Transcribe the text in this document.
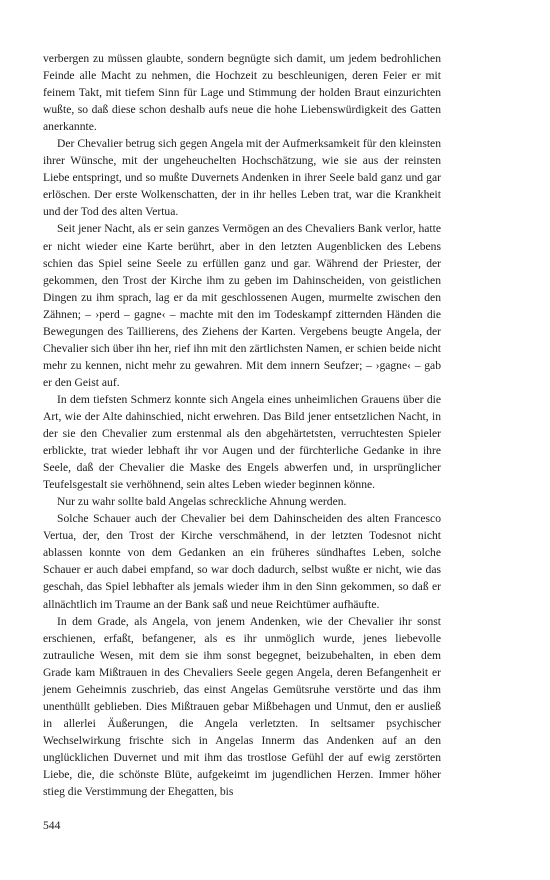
verbergen zu müssen glaubte, sondern begnügte sich damit, um jedem bedrohlichen Feinde alle Macht zu nehmen, die Hochzeit zu beschleunigen, deren Feier er mit feinem Takt, mit tiefem Sinn für Lage und Stimmung der holden Braut einzurichten wußte, so daß diese schon deshalb aufs neue die hohe Liebenswürdigkeit des Gatten anerkannte.

Der Chevalier betrug sich gegen Angela mit der Aufmerksamkeit für den kleinsten ihrer Wünsche, mit der ungeheuchelten Hochschätzung, wie sie aus der reinsten Liebe entspringt, und so mußte Duvernets Andenken in ihrer Seele bald ganz und gar erlöschen. Der erste Wolkenschatten, der in ihr helles Leben trat, war die Krankheit und der Tod des alten Vertua.

Seit jener Nacht, als er sein ganzes Vermögen an des Chevaliers Bank verlor, hatte er nicht wieder eine Karte berührt, aber in den letzten Augenblicken des Lebens schien das Spiel seine Seele zu erfüllen ganz und gar. Während der Priester, der gekommen, den Trost der Kirche ihm zu geben im Dahinscheiden, von geistlichen Dingen zu ihm sprach, lag er da mit geschlossenen Augen, murmelte zwischen den Zähnen; – ›perd – gagne‹ – machte mit den im Todeskampf zitternden Händen die Bewegungen des Taillierens, des Ziehens der Karten. Vergebens beugte Angela, der Chevalier sich über ihn her, rief ihn mit den zärtlichsten Namen, er schien beide nicht mehr zu kennen, nicht mehr zu gewahren. Mit dem innern Seufzer; – ›gagne‹ – gab er den Geist auf.

In dem tiefsten Schmerz konnte sich Angela eines unheimlichen Grauens über die Art, wie der Alte dahinschied, nicht erwehren. Das Bild jener entsetzlichen Nacht, in der sie den Chevalier zum erstenmal als den abgehärtetsten, verruchtesten Spieler erblickte, trat wieder lebhaft ihr vor Augen und der fürchterliche Gedanke in ihre Seele, daß der Chevalier die Maske des Engels abwerfen und, in ursprünglicher Teufelsgestalt sie verhöhnend, sein altes Leben wieder beginnen könne.

Nur zu wahr sollte bald Angelas schreckliche Ahnung werden.

Solche Schauer auch der Chevalier bei dem Dahinscheiden des alten Francesco Vertua, der, den Trost der Kirche verschmähend, in der letzten Todesnot nicht ablassen konnte von dem Gedanken an ein früheres sündhaftes Leben, solche Schauer er auch dabei empfand, so war doch dadurch, selbst wußte er nicht, wie das geschah, das Spiel lebhafter als jemals wieder ihm in den Sinn gekommen, so daß er allnächtlich im Traume an der Bank saß und neue Reichtümer aufhäufte.

In dem Grade, als Angela, von jenem Andenken, wie der Chevalier ihr sonst erschienen, erfaßt, befangener, als es ihr unmöglich wurde, jenes liebevolle zutrauliche Wesen, mit dem sie ihm sonst begegnet, beizubehalten, in eben dem Grade kam Mißtrauen in des Chevaliers Seele gegen Angela, deren Befangenheit er jenem Geheimnis zuschrieb, das einst Angelas Gemütsruhe verstörte und das ihm unenthüllt geblieben. Dies Mißtrauen gebar Mißbehagen und Unmut, den er ausließ in allerlei Äußerungen, die Angela verletzten. In seltsamer psychischer Wechselwirkung frischte sich in Angelas Innerm das Andenken auf an den unglücklichen Duvernet und mit ihm das trostlose Gefühl der auf ewig zerstörten Liebe, die, die schönste Blüte, aufgekeimt im jugendlichen Herzen. Immer höher stieg die Verstimmung der Ehegatten, bis

544
